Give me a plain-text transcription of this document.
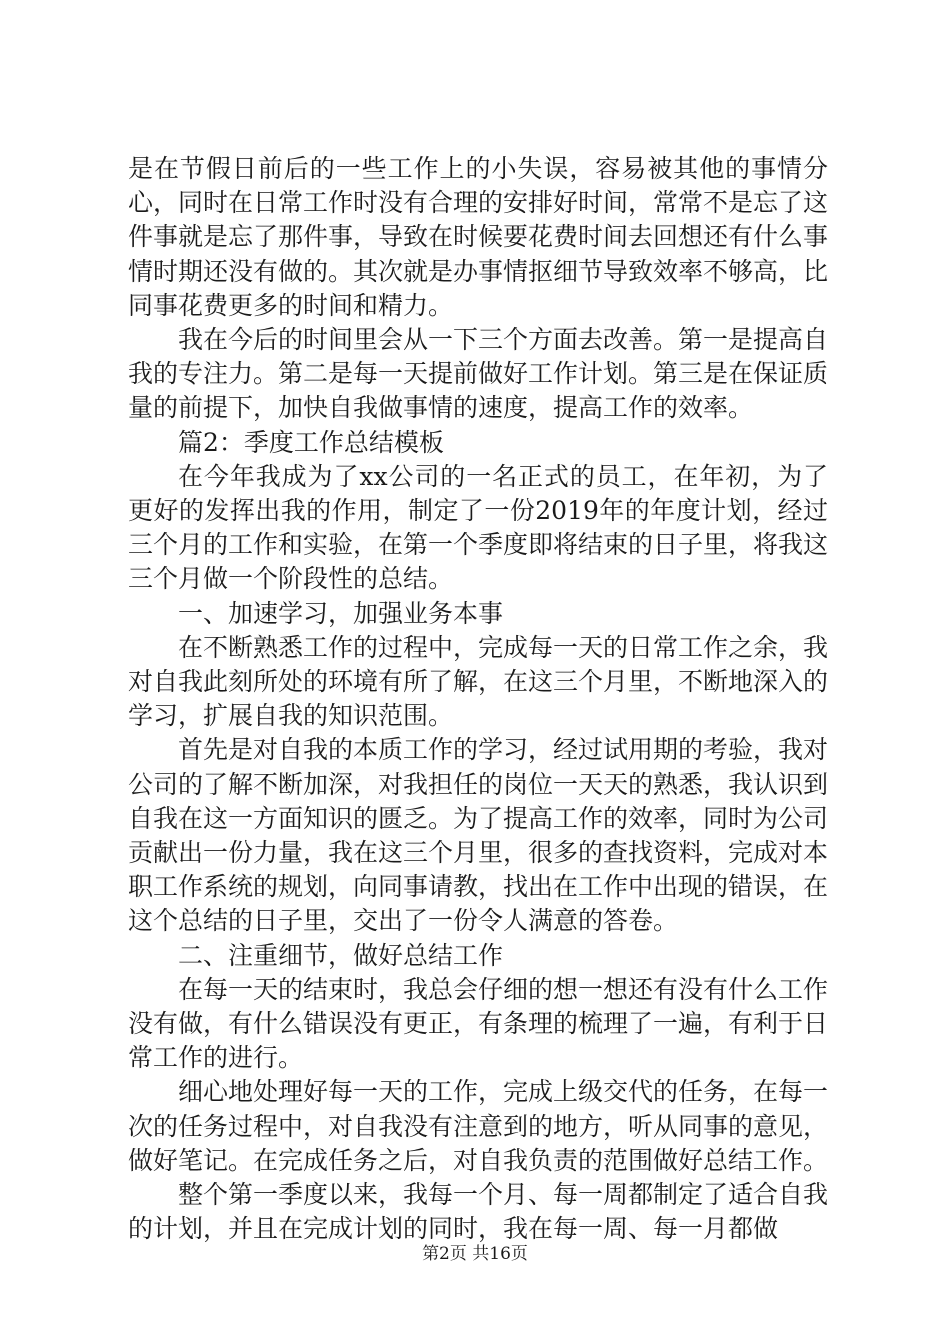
是在节假日前后的一些工作上的小失误，容易被其他的事情分心，同时在日常工作时没有合理的安排好时间，常常不是忘了这件事就是忘了那件事，导致在时候要花费时间去回想还有什么事情时期还没有做的。其次就是办事情抠细节导致效率不够高，比同事花费更多的时间和精力。

我在今后的时间里会从一下三个方面去改善。第一是提高自我的专注力。第二是每一天提前做好工作计划。第三是在保证质量的前提下，加快自我做事情的速度，提高工作的效率。

篇2：季度工作总结模板

在今年我成为了xx公司的一名正式的员工，在年初，为了更好的发挥出我的作用，制定了一份2019年的年度计划，经过三个月的工作和实验，在第一个季度即将结束的日子里，将我这三个月做一个阶段性的总结。

一、加速学习，加强业务本事

在不断熟悉工作的过程中，完成每一天的日常工作之余，我对自我此刻所处的环境有所了解，在这三个月里，不断地深入的学习，扩展自我的知识范围。

首先是对自我的本质工作的学习，经过试用期的考验，我对公司的了解不断加深，对我担任的岗位一天天的熟悉，我认识到自我在这一方面知识的匮乏。为了提高工作的效率，同时为公司贡献出一份力量，我在这三个月里，很多的查找资料，完成对本职工作系统的规划，向同事请教，找出在工作中出现的错误，在这个总结的日子里，交出了一份令人满意的答卷。

二、注重细节，做好总结工作

在每一天的结束时，我总会仔细的想一想还有没有什么工作没有做，有什么错误没有更正，有条理的梳理了一遍，有利于日常工作的进行。

细心地处理好每一天的工作，完成上级交代的任务，在每一次的任务过程中，对自我没有注意到的地方，听从同事的意见，做好笔记。在完成任务之后，对自我负责的范围做好总结工作。

整个第一季度以来，我每一个月、每一周都制定了适合自我的计划，并且在完成计划的同时，我在每一周、每一月都做

第2页 共16页
